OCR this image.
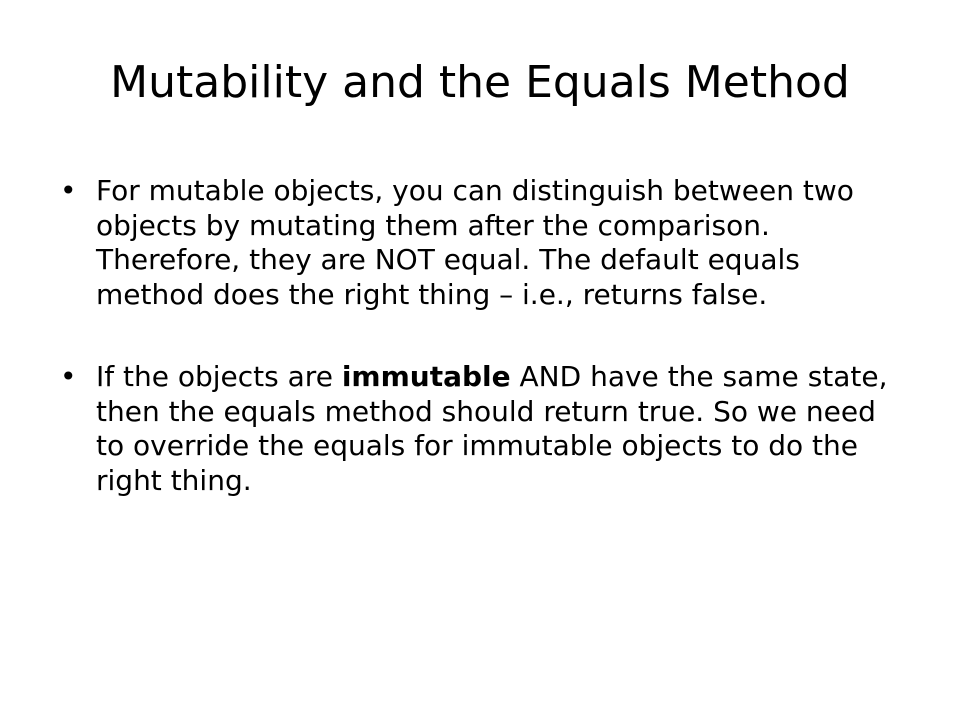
Mutability and the Equals Method
• For mutable objects, you can distinguish between two objects by mutating them after the comparison. Therefore, they are NOT equal. The default equals method does the right thing – i.e., returns false.
• If the objects are immutable AND have the same state, then the equals method should return true. So we need to override the equals for immutable objects to do the right thing.
